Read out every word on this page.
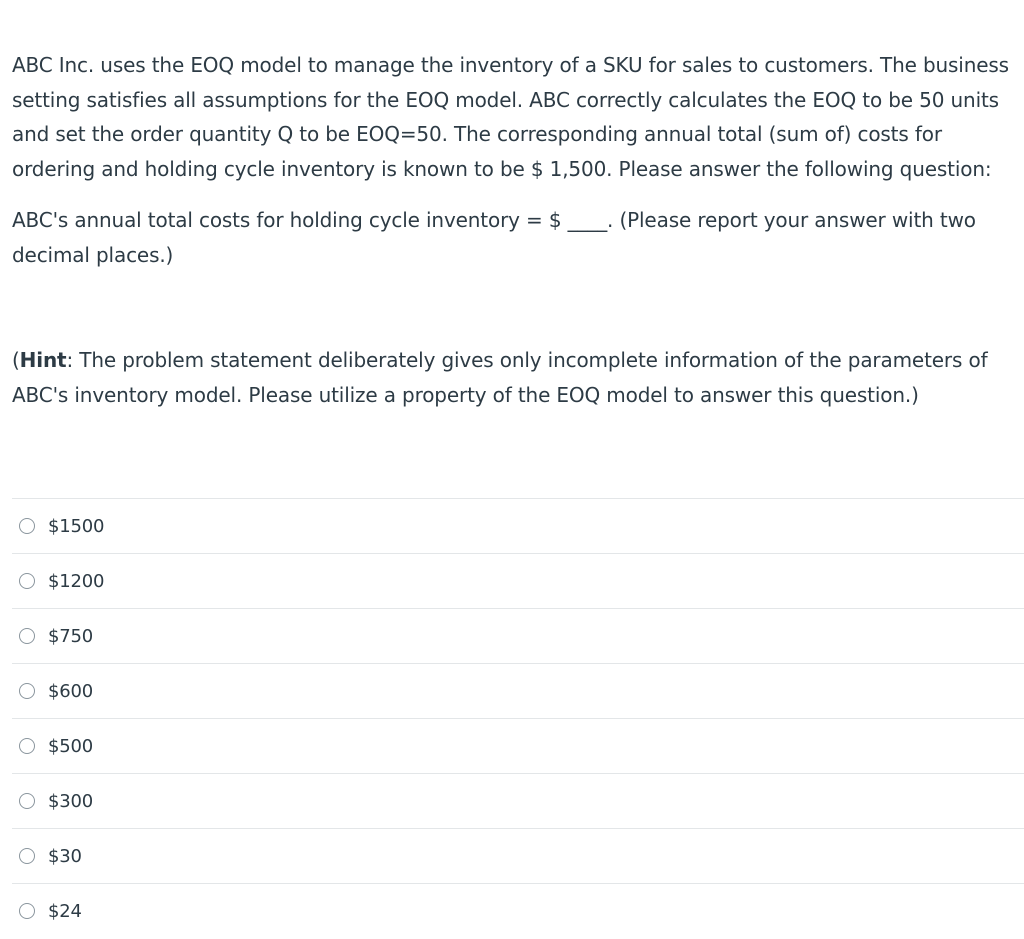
ABC Inc. uses the EOQ model to manage the inventory of a SKU for sales to customers. The business setting satisfies all assumptions for the EOQ model. ABC correctly calculates the EOQ to be 50 units and set the order quantity Q to be EOQ=50. The corresponding annual total (sum of) costs for ordering and holding cycle inventory is known to be $ 1,500. Please answer the following question:

ABC's annual total costs for holding cycle inventory = $ ____. (Please report your answer with two decimal places.)

(Hint: The problem statement deliberately gives only incomplete information of the parameters of ABC's inventory model. Please utilize a property of the EOQ model to answer this question.)

$1500
$1200
$750
$600
$500
$300
$30
$24
